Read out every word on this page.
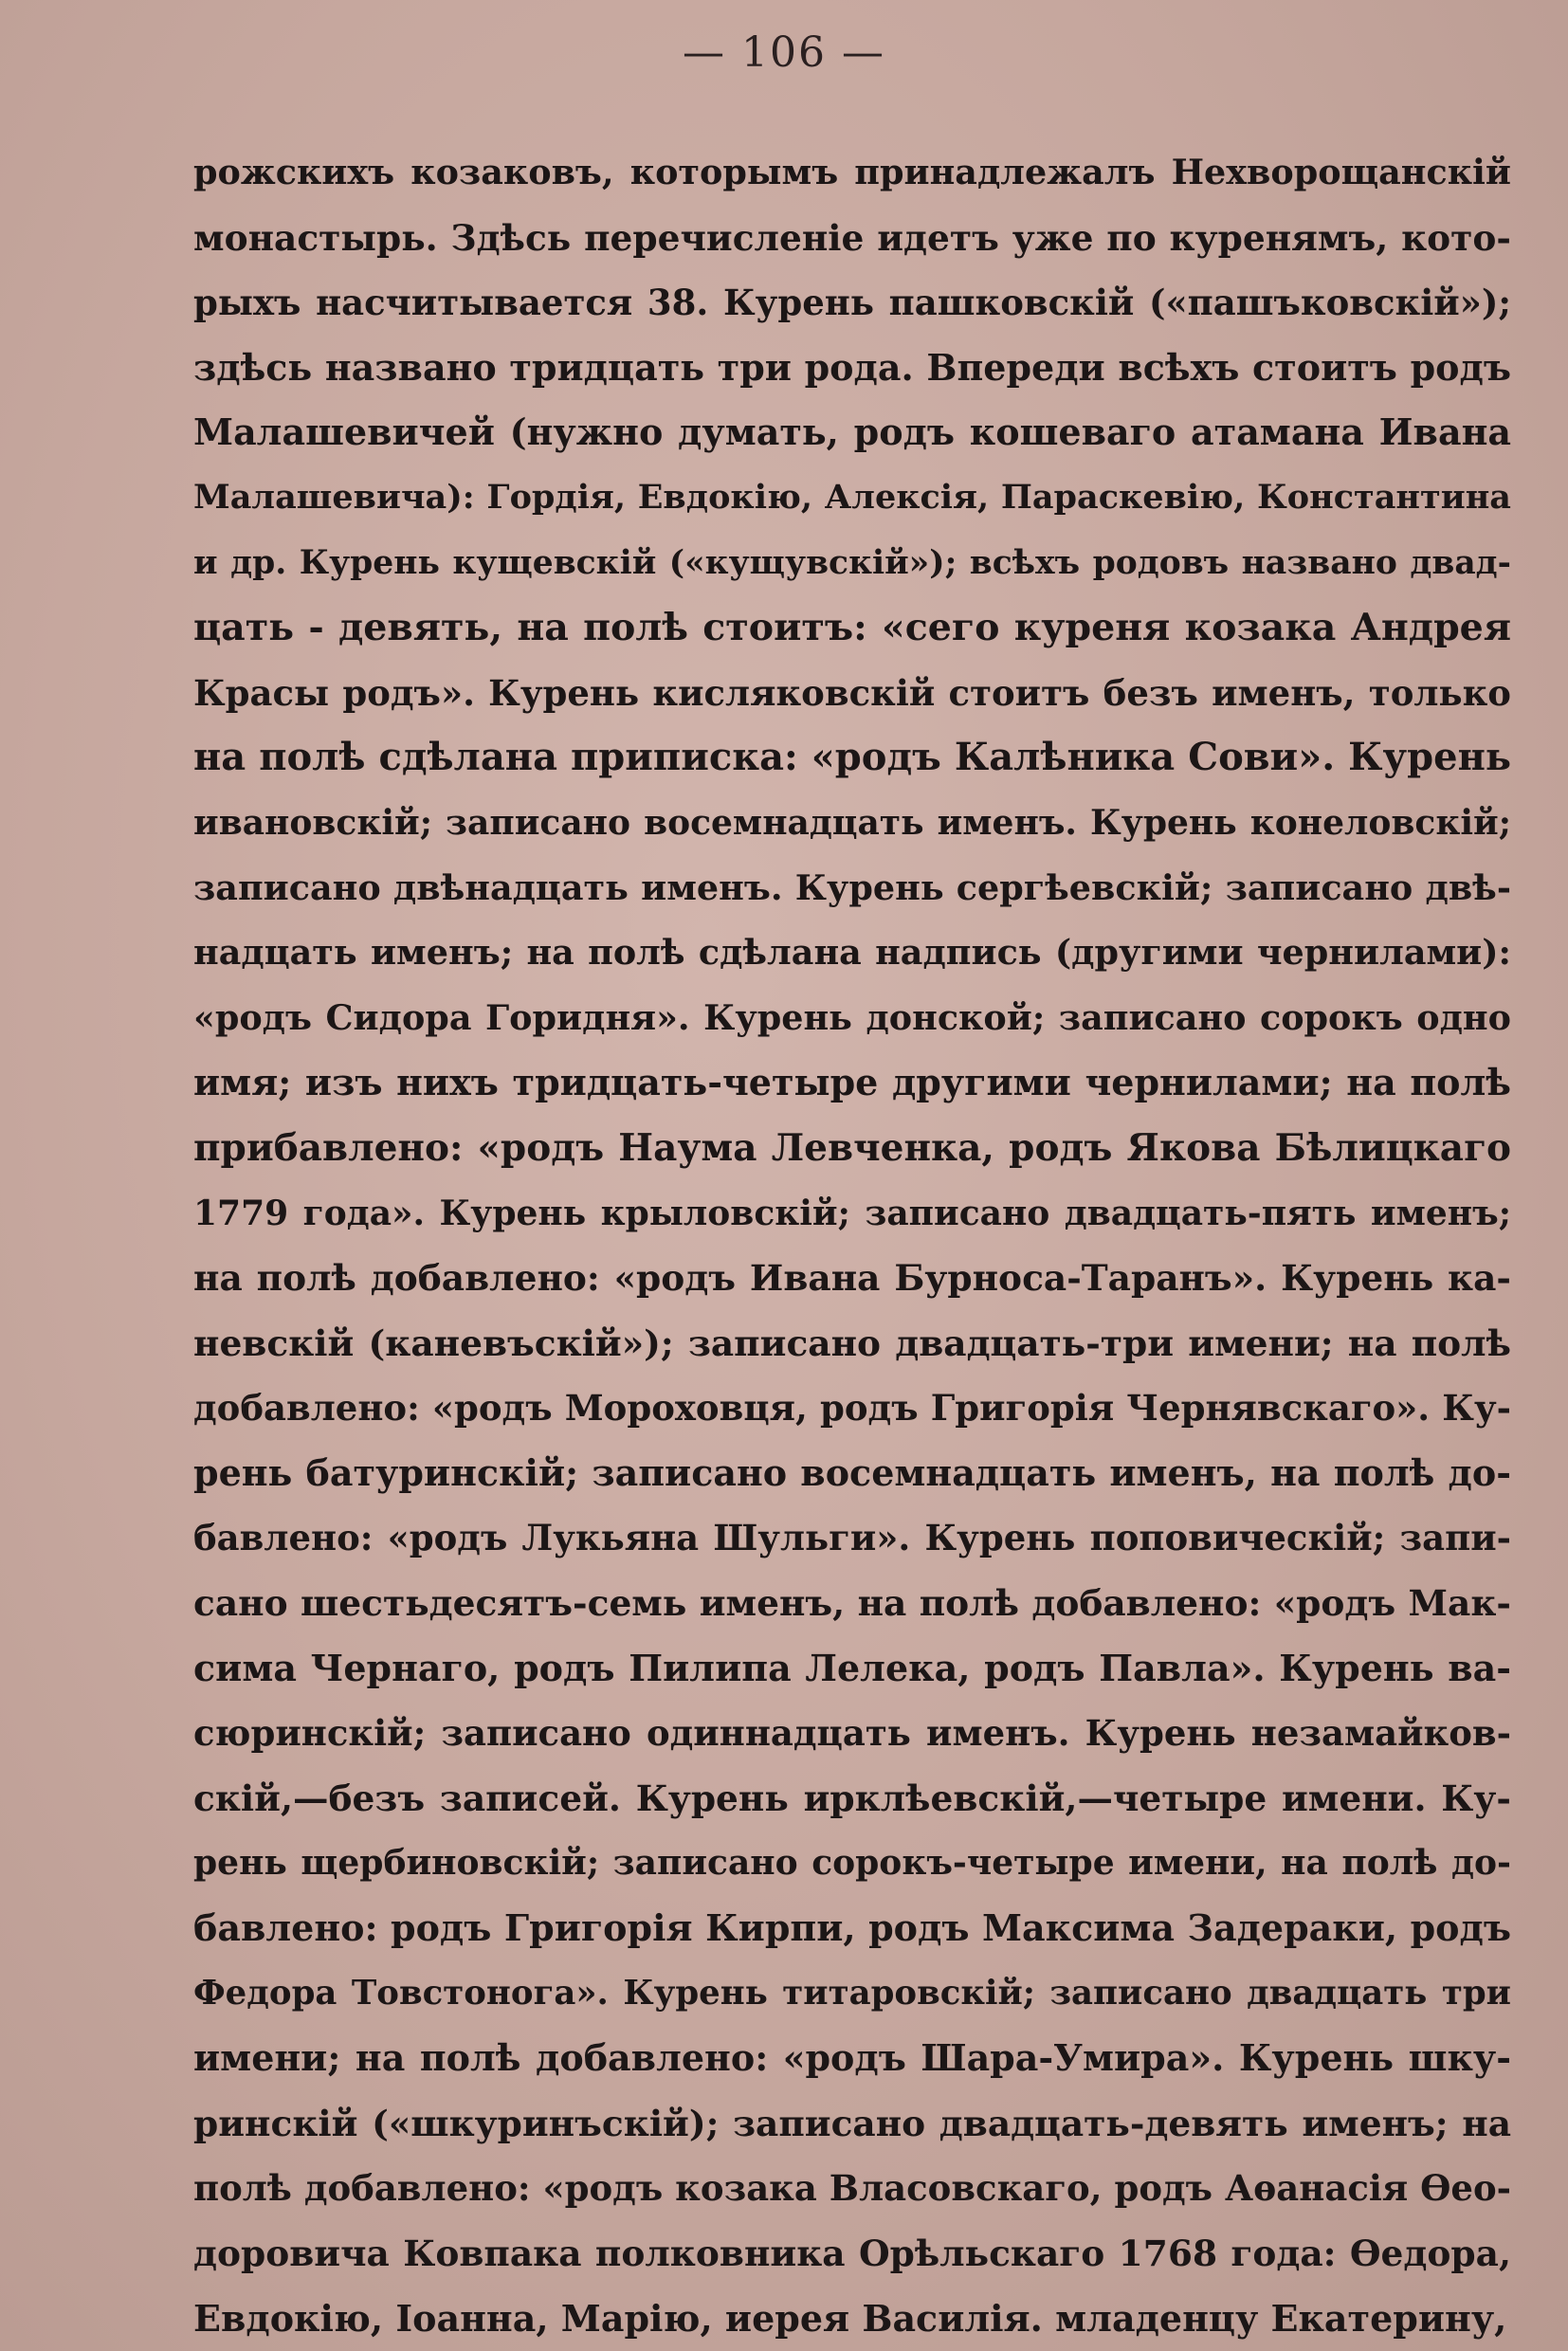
— 106 —
рожскихъ козаковъ, которымъ принадлежалъ Нехворощанскій
монастырь. Здѣсь перечисленіе идетъ уже по куренямъ, кото-
рыхъ насчитывается 38. Курень пашковскій («пашъковскій»);
здѣсь названо тридцать три рода. Впереди всѣхъ стоитъ родъ
Малашевичей (нужно думать, родъ кошеваго атамана Ивана
Малашевича): Гордія, Евдокію, Алексія, Параскевію, Константина
и др. Курень кущевскій («кущувскій»); всѣхъ родовъ названо двад-
цать - девять, на полѣ стоитъ: «сего куреня козака Андрея
Красы родъ». Курень кисляковскій стоитъ безъ именъ, только
на полѣ сдѣлана приписка: «родъ Калѣника Сови». Курень
ивановскій; записано восемнадцать именъ. Курень конеловскій;
записано двѣнадцать именъ. Курень сергѣевскій; записано двѣ-
надцать именъ; на полѣ сдѣлана надпись (другими чернилами):
«родъ Сидора Горидня». Курень донской; записано сорокъ одно
имя; изъ нихъ тридцать-четыре другими чернилами; на полѣ
прибавлено: «родъ Наума Левченка, родъ Якова Бѣлицкаго
1779 года». Курень крыловскій; записано двадцать-пять именъ;
на полѣ добавлено: «родъ Ивана Бурноса-Таранъ». Курень ка-
невскій (каневъскій»); записано двадцать-три имени; на полѣ
добавлено: «родъ Мороховця, родъ Григорія Чернявскаго». Ку-
рень батуринскій; записано восемнадцать именъ, на полѣ до-
бавлено: «родъ Лукьяна Шульги». Курень поповическій; запи-
сано шестьдесятъ-семь именъ, на полѣ добавлено: «родъ Мак-
сима Чернаго, родъ Пилипа Лелека, родъ Павла». Курень ва-
сюринскій; записано одиннадцать именъ. Курень незамайков-
скій,—безъ записей. Курень ирклѣевскій,—четыре имени. Ку-
рень щербиновскій; записано сорокъ-четыре имени, на полѣ до-
бавлено: родъ Григорія Кирпи, родъ Максима Задераки, родъ
Федора Товстонога». Курень титаровскій; записано двадцать три
имени; на полѣ добавлено: «родъ Шара-Умира». Курень шку-
ринскій («шкуринъскій); записано двадцать-девять именъ; на
полѣ добавлено: «родъ козака Власовскаго, родъ Аѳанасія Ѳео-
доровича Ковпака полковника Орѣльскаго 1768 года: Ѳедора,
Евдокію, Іоанна, Марію, иерея Василія. младенцу Екатерину,
